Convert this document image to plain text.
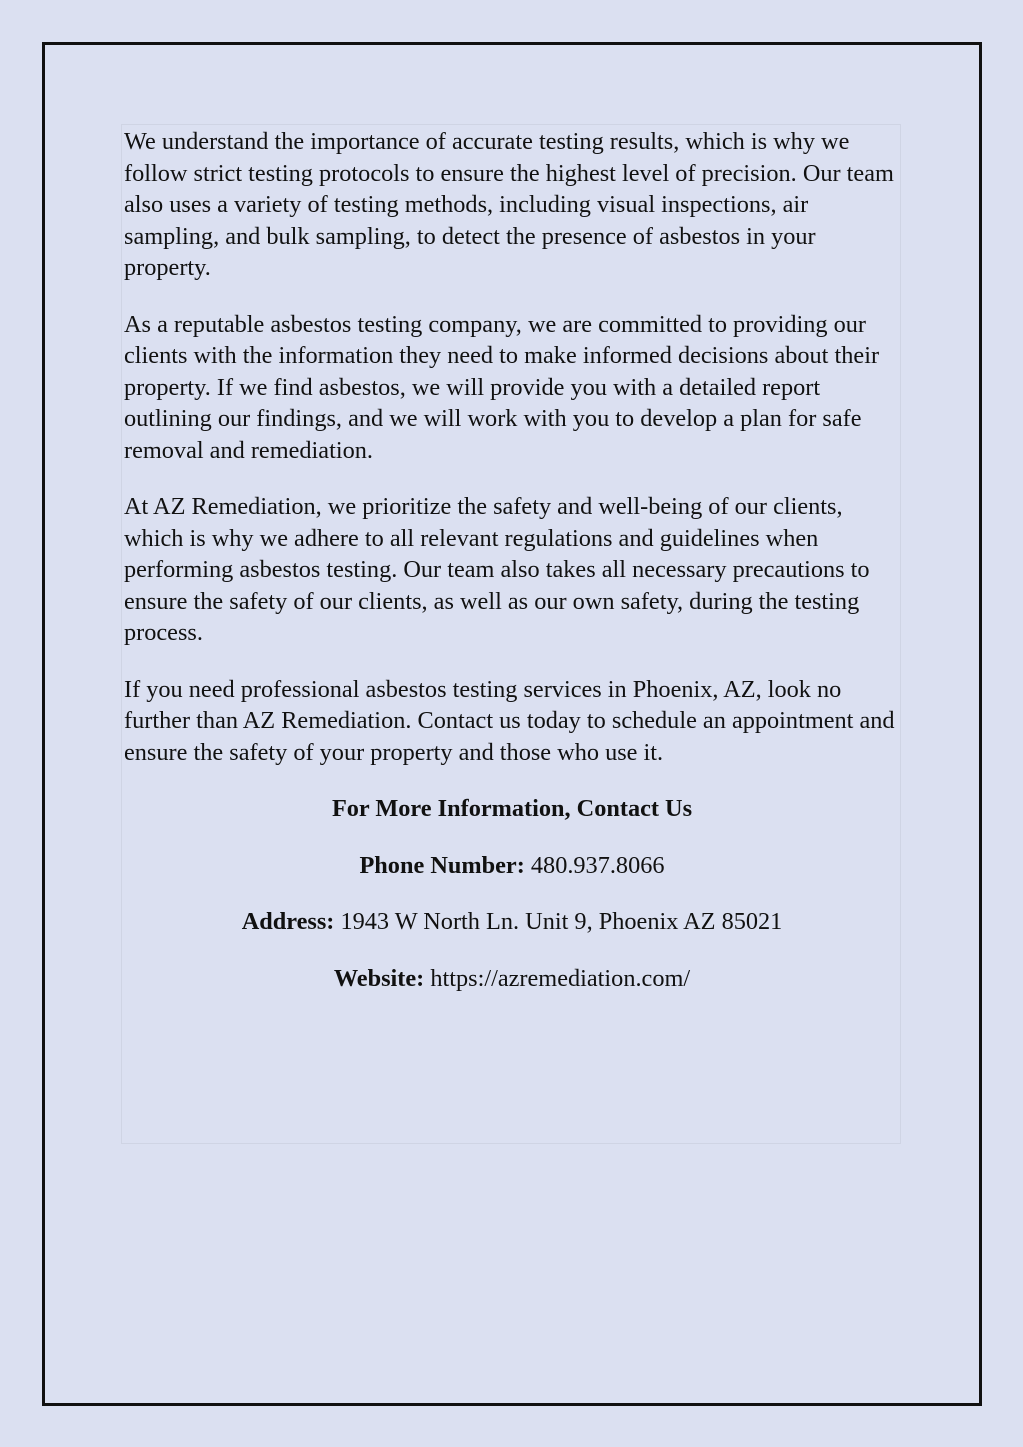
We understand the importance of accurate testing results, which is why we follow strict testing protocols to ensure the highest level of precision. Our team also uses a variety of testing methods, including visual inspections, air sampling, and bulk sampling, to detect the presence of asbestos in your property.

As a reputable asbestos testing company, we are committed to providing our clients with the information they need to make informed decisions about their property. If we find asbestos, we will provide you with a detailed report outlining our findings, and we will work with you to develop a plan for safe removal and remediation.

At AZ Remediation, we prioritize the safety and well-being of our clients, which is why we adhere to all relevant regulations and guidelines when performing asbestos testing. Our team also takes all necessary precautions to ensure the safety of our clients, as well as our own safety, during the testing process.

If you need professional asbestos testing services in Phoenix, AZ, look no further than AZ Remediation. Contact us today to schedule an appointment and ensure the safety of your property and those who use it.

For More Information, Contact Us
Phone Number: 480.937.8066
Address: 1943 W North Ln. Unit 9, Phoenix AZ 85021
Website: https://azremediation.com/
